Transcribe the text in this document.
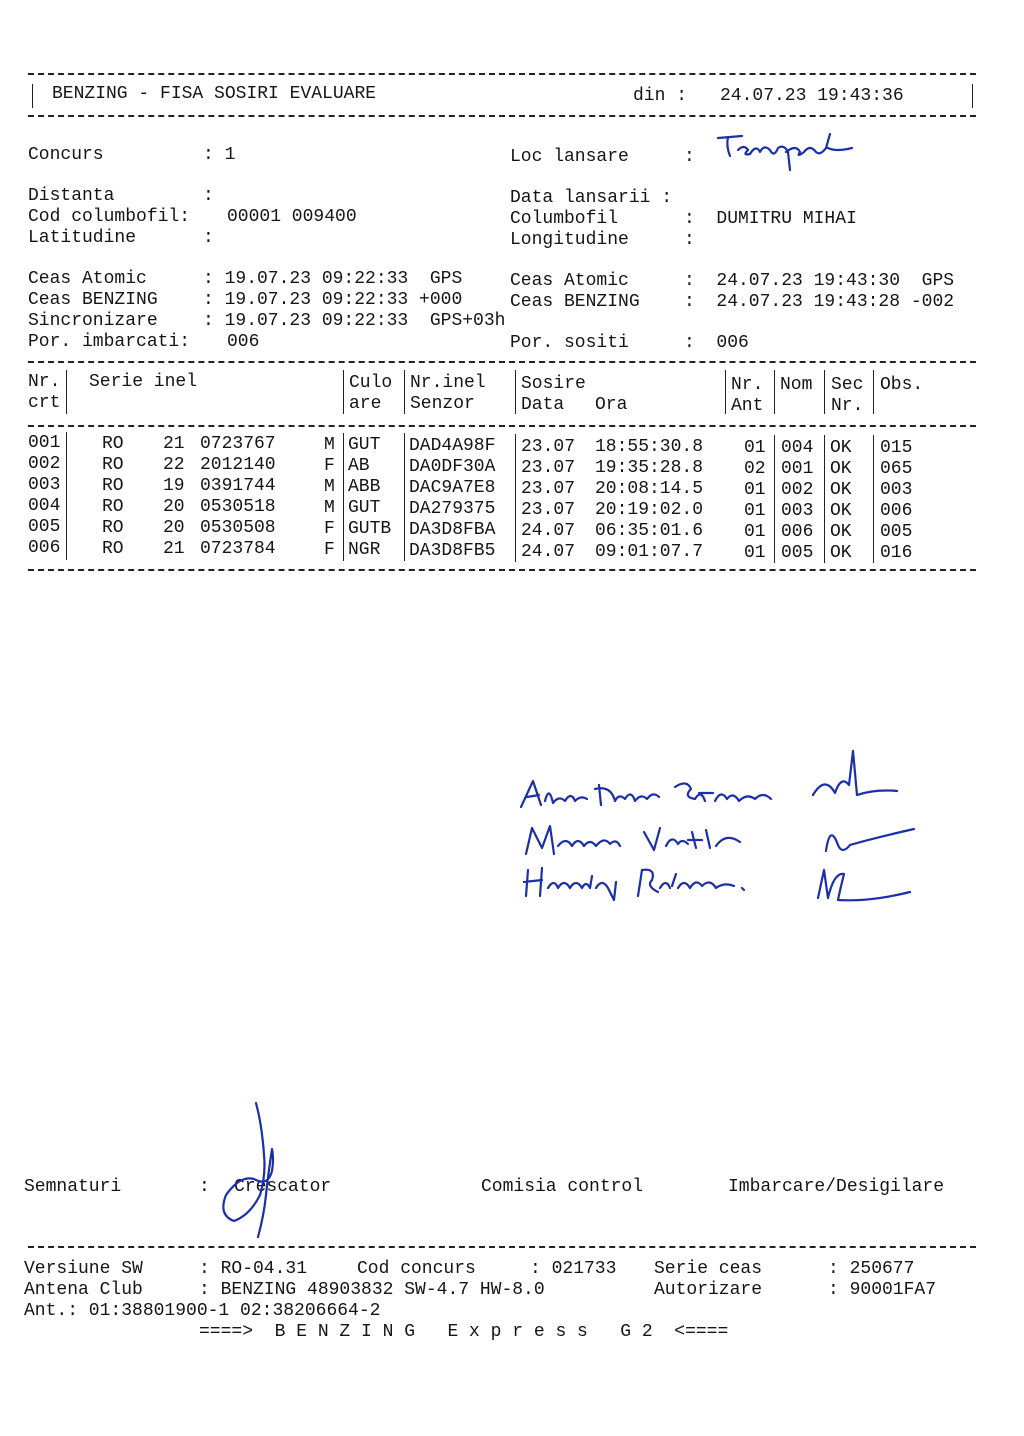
BENZING - FISA SOSIRI EVALUARE	din : 24.07.23 19:43:36
Concurs	: 1	Loc lansare	:
Distanta	:
Cod columbofil: 00001 009400
Latitudine	:
Data lansarii :
Columbofil	:  DUMITRU MIHAI
Longitudine	:
Ceas Atomic	: 19.07.23 09:22:33  GPS
Ceas BENZING	: 19.07.23 09:22:33 +000
Sincronizare	: 19.07.23 09:22:33  GPS+03h
Por. imbarcati: 006
Ceas Atomic	:  24.07.23 19:43:30  GPS
Ceas BENZING :  24.07.23 19:43:28 -002
Por. sositi	:  006
Nr.
crt
Serie inel	Culo
are
Nr.inel
Senzor
Sosire
Data Ora
Nr.
Ant
Nom Sec
Nr.
Obs.
001 RO 21 0723767	M GUT DAD4A98F 23.07 18:55:30.8 01 004 OK 015
002 RO 22 2012140	F AB DA0DF30A 23.07 19:35:28.8 02 001 OK 065
003 RO 19 0391744	M ABB DAC9A7E8 23.07 20:08:14.5 01 002 OK 003
004 RO 20 0530518	M GUT DA279375 23.07 20:19:02.0 01 003 OK 006
005 RO 20 0530508	F GUTB DA3D8FBA 24.07 06:35:01.6 01 006 OK 005
006 RO 21 0723784	F NGR DA3D8FB5 24.07 09:01:07.7 01 005 OK 016
Semnaturi	: Crescator	Comisia control	Imbarcare/Desigilare
Versiune SW	: RO-04.31	Cod concurs	: 021733 Serie ceas	: 250677
Antena Club	: BENZING 48903832 SW-4.7 HW-8.0	Autorizare	: 90001FA7
Ant.: 01:38801900-1 02:38206664-2
====>  B E N Z I N G   E x p r e s s   G 2  <====
